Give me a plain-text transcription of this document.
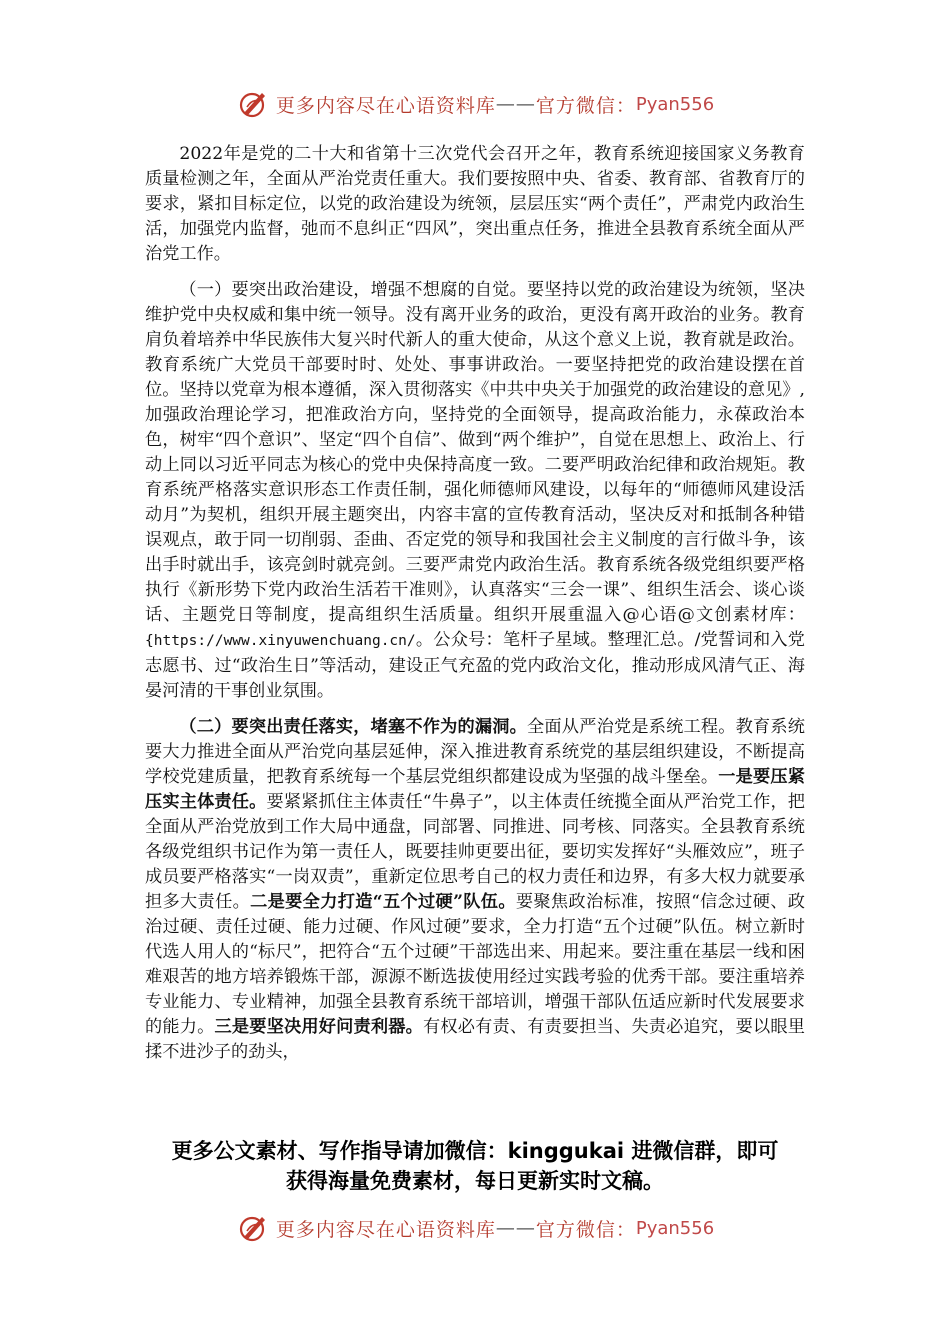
更多内容尽在心语资料库 —— 官方微信： Pyan556

2022年是党的二十大和省第十三次党代会召开之年，教育系统迎接国家义务教育质量检测之年，全面从严治党责任重大。我们要按照中央、省委、教育部、省教育厅的要求，紧扣目标定位，以党的政治建设为统领，层层压实“两个责任”，严肃党内政治生活，加强党内监督，弛而不息纠正“四风”，突出重点任务，推进全县教育系统全面从严治党工作。

（一）要突出政治建设，增强不想腐的自觉。要坚持以党的政治建设为统领，坚决维护党中央权威和集中统一领导。没有离开业务的政治，更没有离开政治的业务。教育肩负着培养中华民族伟大复兴时代新人的重大使命，从这个意义上说，教育就是政治。教育系统广大党员干部要时时、处处、事事讲政治。一要坚持把党的政治建设摆在首位。坚持以党章为根本遵循，深入贯彻落实《中共中央关于加强党的政治建设的意见》,加强政治理论学习，把准政治方向，坚持党的全面领导，提高政治能力，永葆政治本色，树牢“四个意识”、坚定“四个自信”、做到“两个维护”，自觉在思想上、政治上、行动上同以习近平同志为核心的党中央保持高度一致。二要严明政治纪律和政治规矩。教育系统严格落实意识形态工作责任制，强化师德师风建设，以每年的“师德师风建设活动月”为契机，组织开展主题突出，内容丰富的宣传教育活动，坚决反对和抵制各种错误观点，敢于同一切削弱、歪曲、否定党的领导和我国社会主义制度的言行做斗争，该出手时就出手，该亮剑时就亮剑。三要严肃党内政治生活。教育系统各级党组织要严格执行《新形势下党内政治生活若干准则》，认真落实“三会一课”、组织生活会、谈心谈话、主题党日等制度，提高组织生活质量。组织开展重温入@心语@文创素材库：{https://www.xinyuwenchuang.cn/。公众号：笔杆子星域。整理汇总。/党誓词和入党志愿书、过“政治生日”等活动，建设正气充盈的党内政治文化，推动形成风清气正、海晏河清的干事创业氛围。

（二）要突出责任落实，堵塞不作为的漏洞。全面从严治党是系统工程。教育系统要大力推进全面从严治党向基层延伸，深入推进教育系统党的基层组织建设，不断提高学校党建质量，把教育系统每一个基层党组织都建设成为坚强的战斗堡垒。一是要压紧压实主体责任。要紧紧抓住主体责任“牛鼻子”，以主体责任统揽全面从严治党工作，把全面从严治党放到工作大局中通盘，同部署、同推进、同考核、同落实。全县教育系统各级党组织书记作为第一责任人，既要挂帅更要出征，要切实发挥好“头雁效应”，班子成员要严格落实“一岗双责”，重新定位思考自己的权力责任和边界，有多大权力就要承担多大责任。二是要全力打造“五个过硬”队伍。要聚焦政治标准，按照“信念过硬、政治过硬、责任过硬、能力过硬、作风过硬”要求，全力打造“五个过硬”队伍。树立新时代选人用人的“标尺”，把符合“五个过硬”干部选出来、用起来。要注重在基层一线和困难艰苦的地方培养锻炼干部，源源不断选拔使用经过实践考验的优秀干部。要注重培养专业能力、专业精神，加强全县教育系统干部培训，增强干部队伍适应新时代发展要求的能力。三是要坚决用好问责利器。有权必有责、有责要担当、失责必追究，要以眼里揉不进沙子的劲头，

更多公文素材、写作指导请加微信：kinggukai 进微信群，即可
获得海量免费素材，每日更新实时文稿。
更多内容尽在心语资料库 —— 官方微信： Pyan556
